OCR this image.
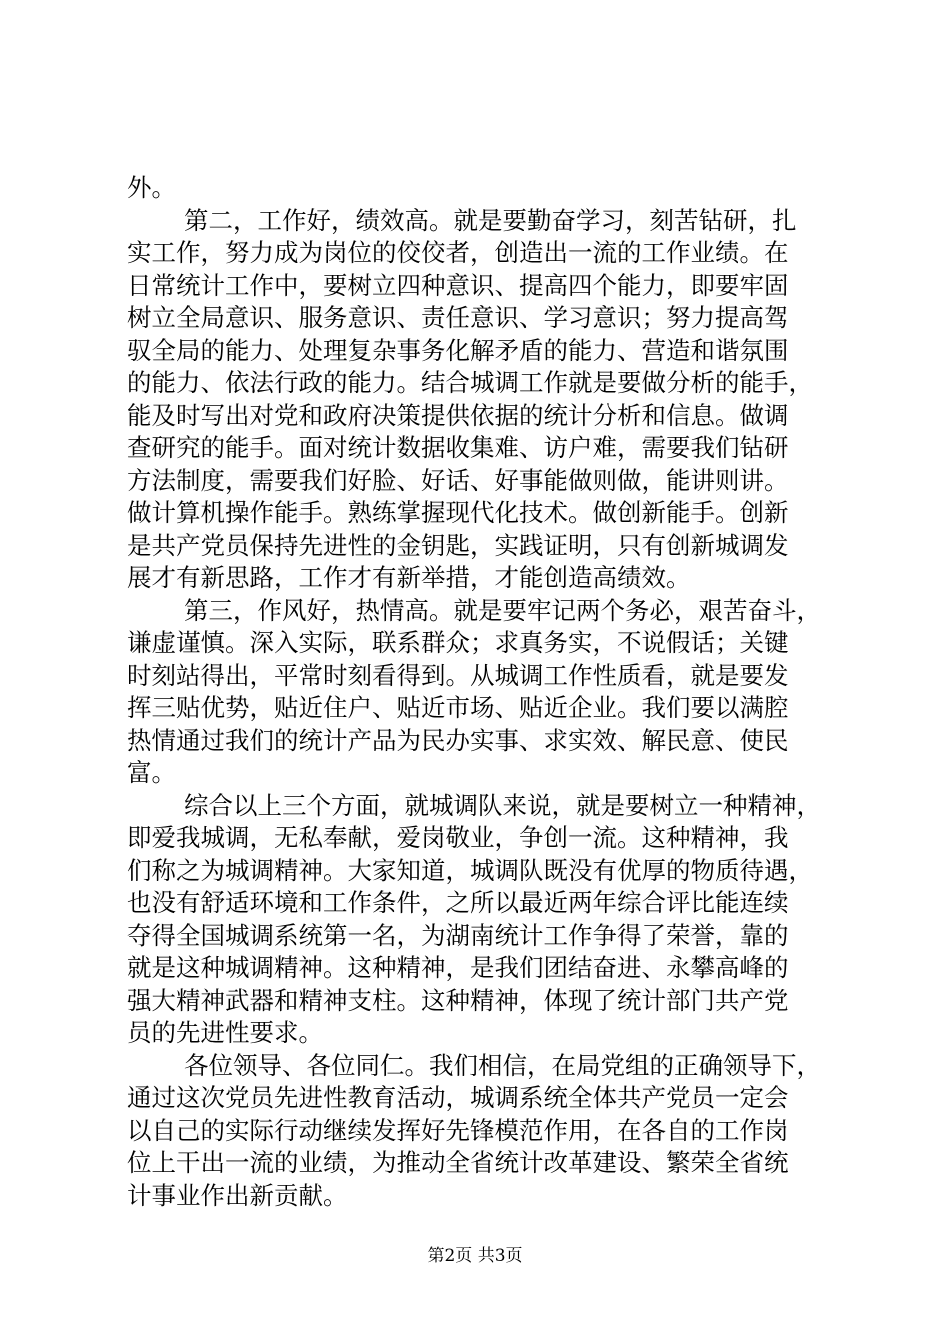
外。
第二，工作好，绩效高。就是要勤奋学习，刻苦钻研，扎
实工作，努力成为岗位的佼佼者，创造出一流的工作业绩。在
日常统计工作中，要树立四种意识、提高四个能力，即要牢固
树立全局意识、服务意识、责任意识、学习意识；努力提高驾
驭全局的能力、处理复杂事务化解矛盾的能力、营造和谐氛围
的能力、依法行政的能力。结合城调工作就是要做分析的能手，
能及时写出对党和政府决策提供依据的统计分析和信息。做调
查研究的能手。面对统计数据收集难、访户难，需要我们钻研
方法制度，需要我们好脸、好话、好事能做则做，能讲则讲。
做计算机操作能手。熟练掌握现代化技术。做创新能手。创新
是共产党员保持先进性的金钥匙，实践证明，只有创新城调发
展才有新思路，工作才有新举措，才能创造高绩效。
第三，作风好，热情高。就是要牢记两个务必，艰苦奋斗，
谦虚谨慎。深入实际，联系群众；求真务实，不说假话；关键
时刻站得出，平常时刻看得到。从城调工作性质看，就是要发
挥三贴优势，贴近住户、贴近市场、贴近企业。我们要以满腔
热情通过我们的统计产品为民办实事、求实效、解民意、使民
富。
综合以上三个方面，就城调队来说，就是要树立一种精神，
即爱我城调，无私奉献，爱岗敬业，争创一流。这种精神，我
们称之为城调精神。大家知道，城调队既没有优厚的物质待遇，
也没有舒适环境和工作条件，之所以最近两年综合评比能连续
夺得全国城调系统第一名，为湖南统计工作争得了荣誉，靠的
就是这种城调精神。这种精神，是我们团结奋进、永攀高峰的
强大精神武器和精神支柱。这种精神，体现了统计部门共产党
员的先进性要求。
各位领导、各位同仁。我们相信，在局党组的正确领导下，
通过这次党员先进性教育活动，城调系统全体共产党员一定会
以自己的实际行动继续发挥好先锋模范作用，在各自的工作岗
位上干出一流的业绩，为推动全省统计改革建设、繁荣全省统
计事业作出新贡献。
第2页 共3页
